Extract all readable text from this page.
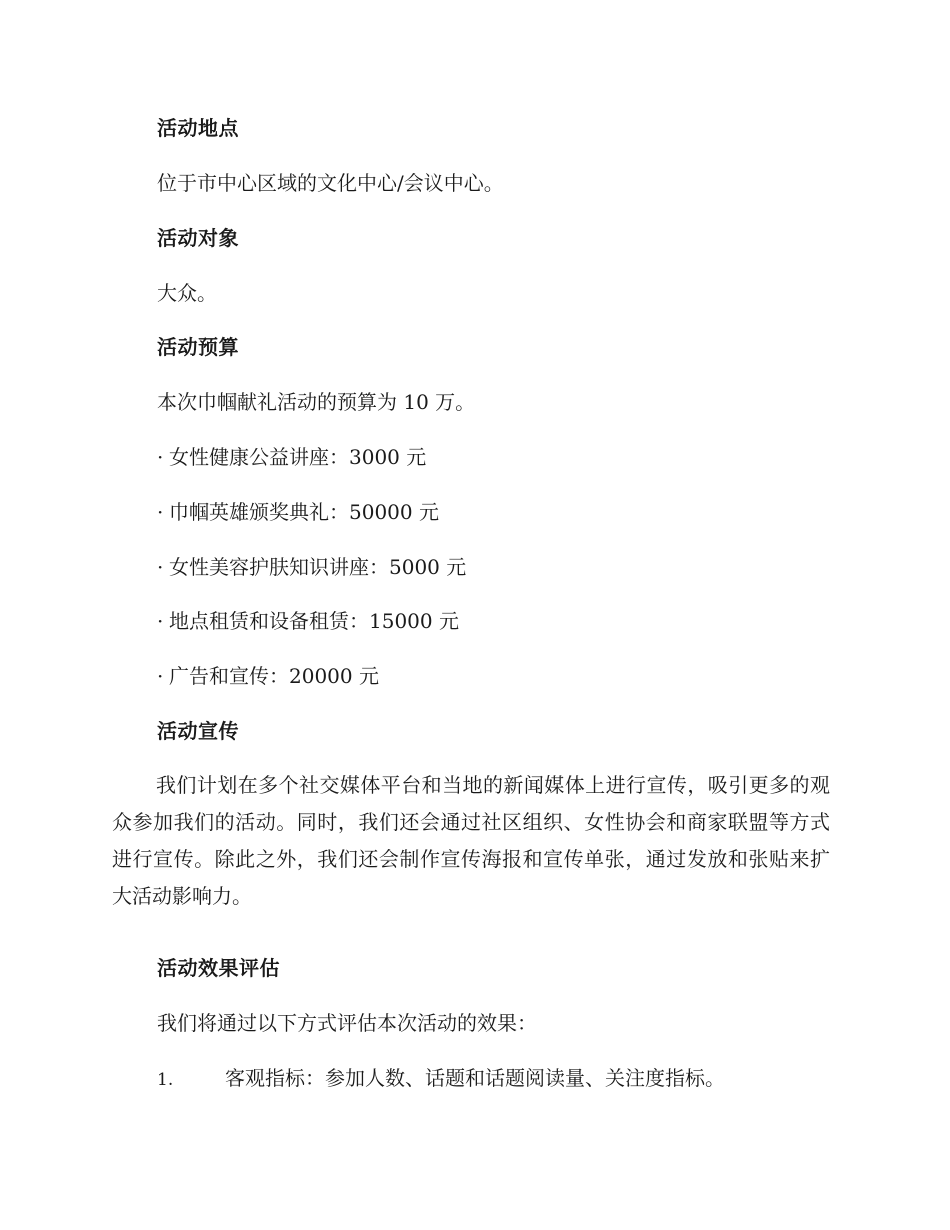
活动地点
位于市中心区域的文化中心/会议中心。
活动对象
大众。
活动预算
本次巾帼献礼活动的预算为 10 万。
· 女性健康公益讲座：3000 元
· 巾帼英雄颁奖典礼：50000 元
· 女性美容护肤知识讲座：5000 元
· 地点租赁和设备租赁：15000 元
· 广告和宣传：20000 元
活动宣传
我们计划在多个社交媒体平台和当地的新闻媒体上进行宣传，吸引更多的观众参加我们的活动。同时，我们还会通过社区组织、女性协会和商家联盟等方式进行宣传。除此之外，我们还会制作宣传海报和宣传单张，通过发放和张贴来扩大活动影响力。
活动效果评估
我们将通过以下方式评估本次活动的效果：
1.	客观指标：参加人数、话题和话题阅读量、关注度指标。
